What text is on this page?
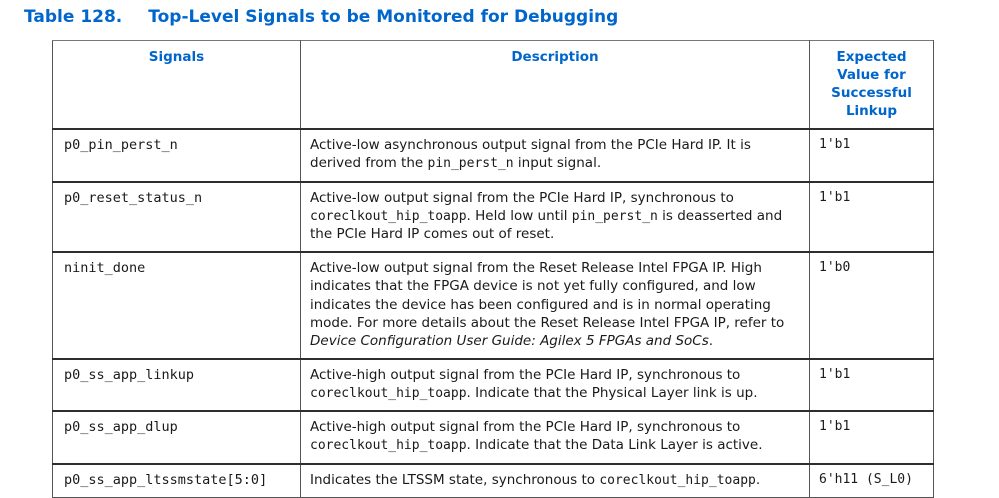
Table 128. Top-Level Signals to be Monitored for Debugging
Signals	Description	Expected Value for Successful Linkup
p0_pin_perst_n	Active-low asynchronous output signal from the PCIe Hard IP. It is derived from the pin_perst_n input signal.	1'b1
p0_reset_status_n	Active-low output signal from the PCIe Hard IP, synchronous to coreclkout_hip_toapp. Held low until pin_perst_n is deasserted and the PCIe Hard IP comes out of reset.	1'b1
ninit_done	Active-low output signal from the Reset Release Intel FPGA IP. High indicates that the FPGA device is not yet fully configured, and low indicates the device has been configured and is in normal operating mode. For more details about the Reset Release Intel FPGA IP, refer to Device Configuration User Guide: Agilex 5 FPGAs and SoCs.	1'b0
p0_ss_app_linkup	Active-high output signal from the PCIe Hard IP, synchronous to coreclkout_hip_toapp. Indicate that the Physical Layer link is up.	1'b1
p0_ss_app_dlup	Active-high output signal from the PCIe Hard IP, synchronous to coreclkout_hip_toapp. Indicate that the Data Link Layer is active.	1'b1
p0_ss_app_ltssmstate[5:0]	Indicates the LTSSM state, synchronous to coreclkout_hip_toapp.	6'h11 (S_L0)
